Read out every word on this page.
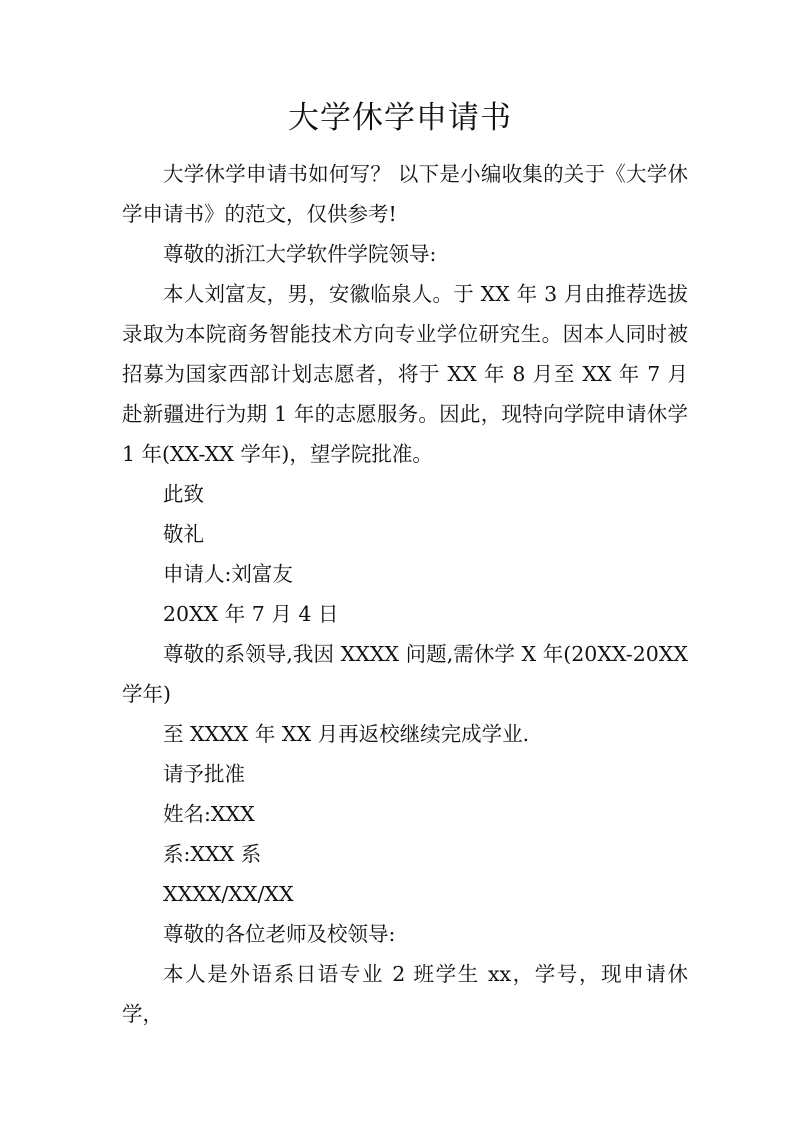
大学休学申请书

大学休学申请书如何写？ 以下是小编收集的关于《大学休学申请书》的范文，仅供参考!

尊敬的浙江大学软件学院领导:

本人刘富友，男，安徽临泉人。于 XX 年 3 月由推荐选拔录取为本院商务智能技术方向专业学位研究生。因本人同时被招募为国家西部计划志愿者，将于 XX 年 8 月至 XX 年 7 月赴新疆进行为期 1 年的志愿服务。因此，现特向学院申请休学 1 年(XX-XX 学年)，望学院批准。

此致

敬礼

申请人:刘富友

20XX 年 7 月 4 日

尊敬的系领导,我因 XXXX 问题,需休学 X 年(20XX-20XX 学年)

至 XXXX 年 XX 月再返校继续完成学业.

请予批准

姓名:XXX

系:XXX 系

XXXX/XX/XX

尊敬的各位老师及校领导:

本人是外语系日语专业 2 班学生 xx，学号，现申请休学，
